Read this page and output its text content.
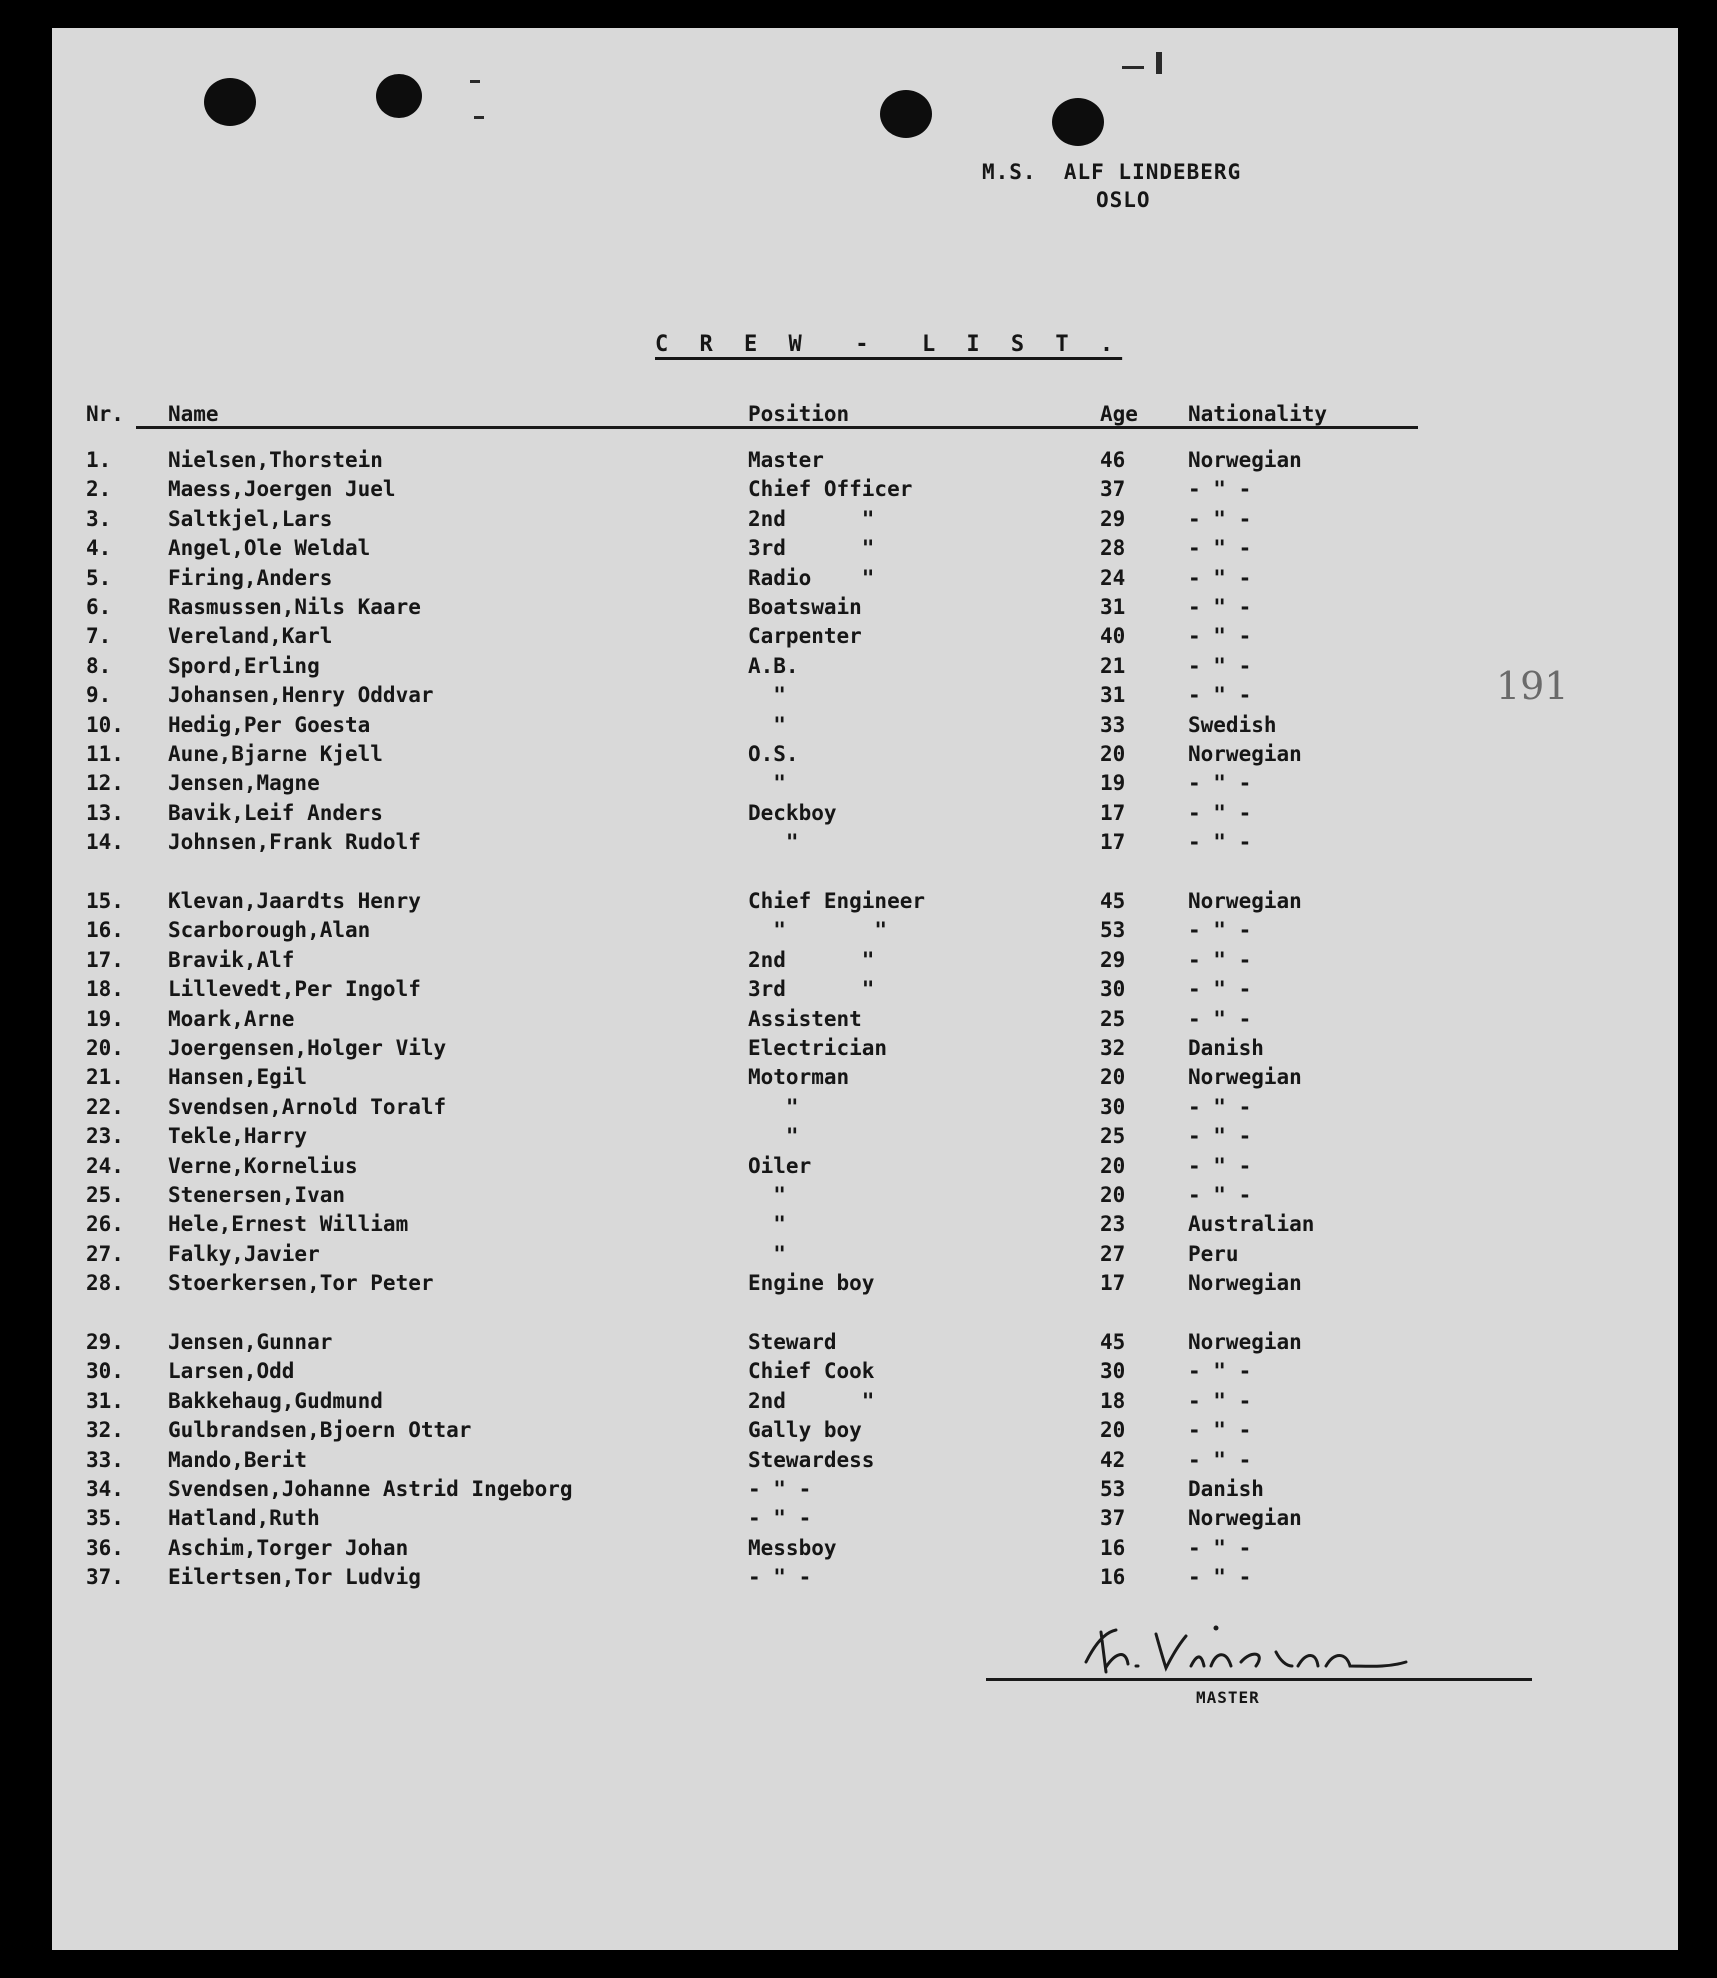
M.S.  ALF LINDEBERG
OSLO
C R E W  -  L I S T .
191
Nr. Name	Position	Age Nationality
1.	Nielsen,Thorstein	Master	46	Norwegian
2.	Maess,Joergen Juel	Chief Officer	37	- " -
3.	Saltkjel,Lars	2nd      "	29	- " -
4.	Angel,Ole Weldal	3rd      "	28	- " -
5.	Firing,Anders	Radio    "	24	- " -
6.	Rasmussen,Nils Kaare	Boatswain	31	- " -
7.	Vereland,Karl	Carpenter	40	- " -
8.	Spord,Erling	A.B.	21	- " -
9.	Johansen,Henry Oddvar	"	31	- " -
10. Hedig,Per Goesta	"	33	Swedish
11. Aune,Bjarne Kjell	O.S.	20	Norwegian
12. Jensen,Magne	"	19	- " -
13. Bavik,Leif Anders	Deckboy	17	- " -
14. Johnsen,Frank Rudolf	"	17	- " -
15. Klevan,Jaardts Henry	Chief Engineer	45	Norwegian
16. Scarborough,Alan	"       "	53	- " -
17. Bravik,Alf	2nd      "	29	- " -
18. Lillevedt,Per Ingolf	3rd      "	30	- " -
19. Moark,Arne	Assistent	25	- " -
20. Joergensen,Holger Vily	Electrician	32	Danish
21. Hansen,Egil	Motorman	20	Norwegian
22. Svendsen,Arnold Toralf	"	30	- " -
23. Tekle,Harry	"	25	- " -
24. Verne,Kornelius	Oiler	20	- " -
25. Stenersen,Ivan	"	20	- " -
26. Hele,Ernest William	"	23	Australian
27. Falky,Javier	"	27	Peru
28. Stoerkersen,Tor Peter	Engine boy	17	Norwegian
29. Jensen,Gunnar	Steward	45	Norwegian
30. Larsen,Odd	Chief Cook	30	- " -
31. Bakkehaug,Gudmund	2nd      "	18	- " -
32. Gulbrandsen,Bjoern Ottar	Gally boy	20	- " -
33. Mando,Berit	Stewardess	42	- " -
34. Svendsen,Johanne Astrid Ingeborg	- " -	53	Danish
35. Hatland,Ruth	- " -	37	Norwegian
36. Aschim,Torger Johan	Messboy	16	- " -
37. Eilertsen,Tor Ludvig	- " -	16	- " -
MASTER
